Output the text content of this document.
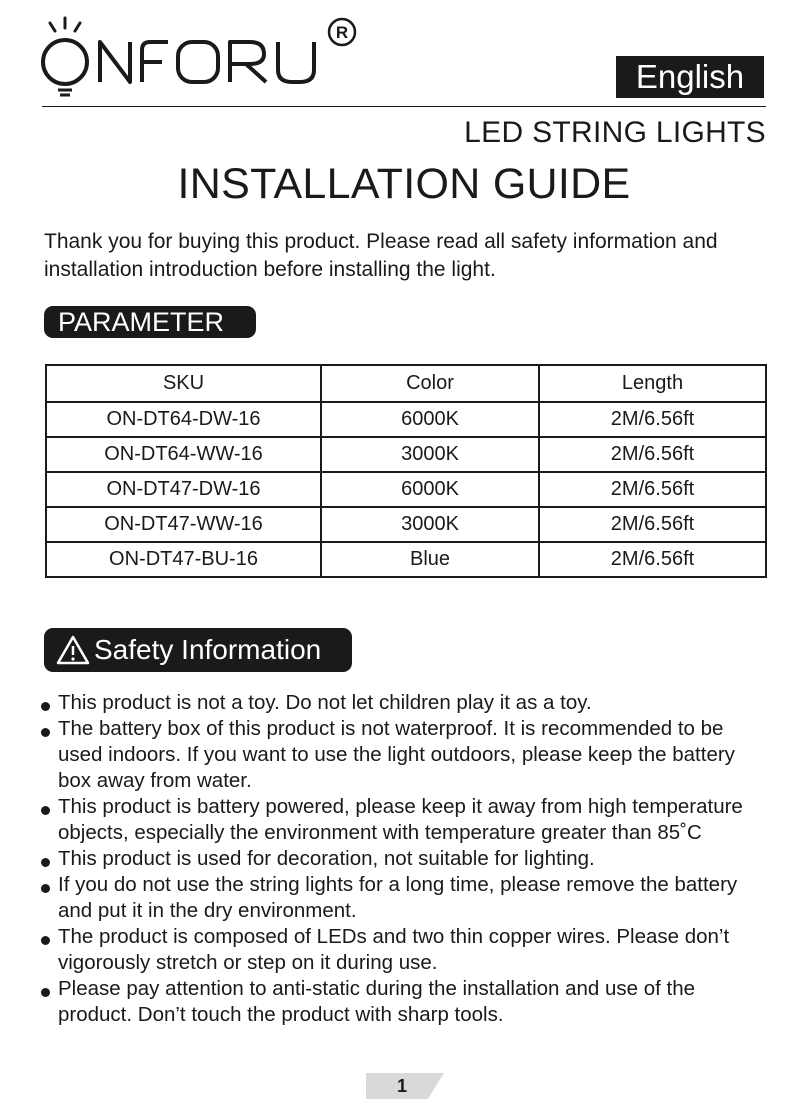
R
English
LED STRING LIGHTS
INSTALLATION GUIDE
Thank you for buying this product. Please read all safety information and installation introduction before installing the light.
PARAMETER
SKU	Color	Length
ON-DT64-DW-16	6000K	2M/6.56ft
ON-DT64-WW-16	3000K	2M/6.56ft
ON-DT47-DW-16	6000K	2M/6.56ft
ON-DT47-WW-16	3000K	2M/6.56ft
ON-DT47-BU-16	Blue	2M/6.56ft
Safety Information
This product is not a toy. Do not let children play it as a toy.
The battery box of this product is not waterproof. It is recommended to be used indoors. If you want to use the light outdoors, please keep the battery box away from water.
This product is battery powered, please keep it away from high temperature objects, especially the environment with temperature greater than 85˚C
This product is used for decoration, not suitable for lighting.
If you do not use the string lights for a long time, please remove the battery and put it in the dry environment.
The product is composed of LEDs and two thin copper wires. Please don’t vigorously stretch or step on it during use.
Please pay attention to anti-static during the installation and use of the product. Don’t touch the product with sharp tools.
1
